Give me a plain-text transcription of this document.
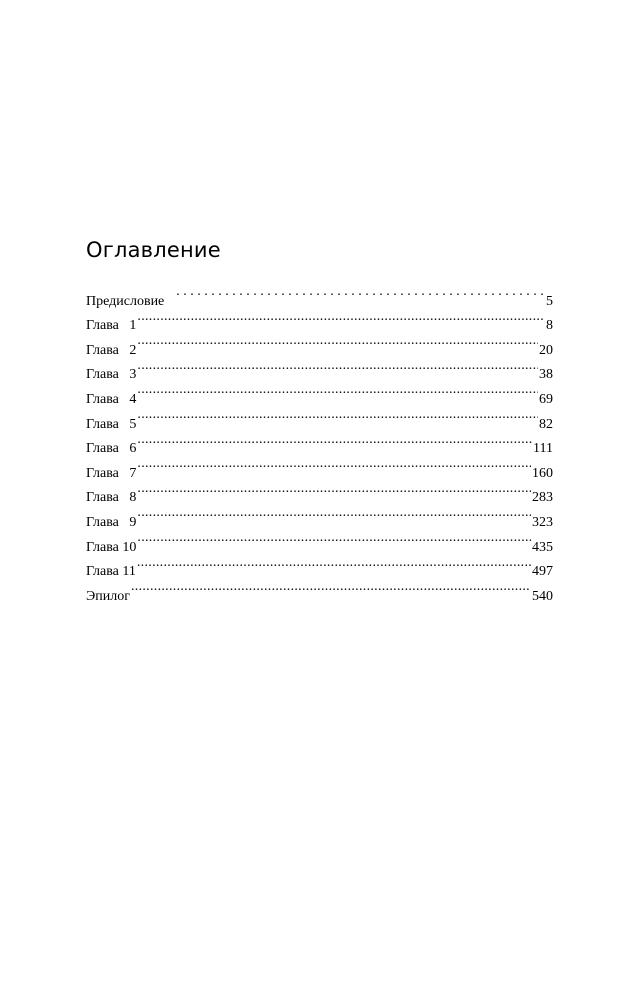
Оглавление
Предисловие . . .	5
Глава   1 . . .	8
Глава   2 . . .	20
Глава   3 . . .	38
Глава   4 . . .	69
Глава   5 . . .	82
Глава   6 . . .	111
Глава   7 . . .	160
Глава   8 . . .	283
Глава   9 . . .	323
Глава 10 . . .	435
Глава 11 . . .	497
Эпилог . . .	540
